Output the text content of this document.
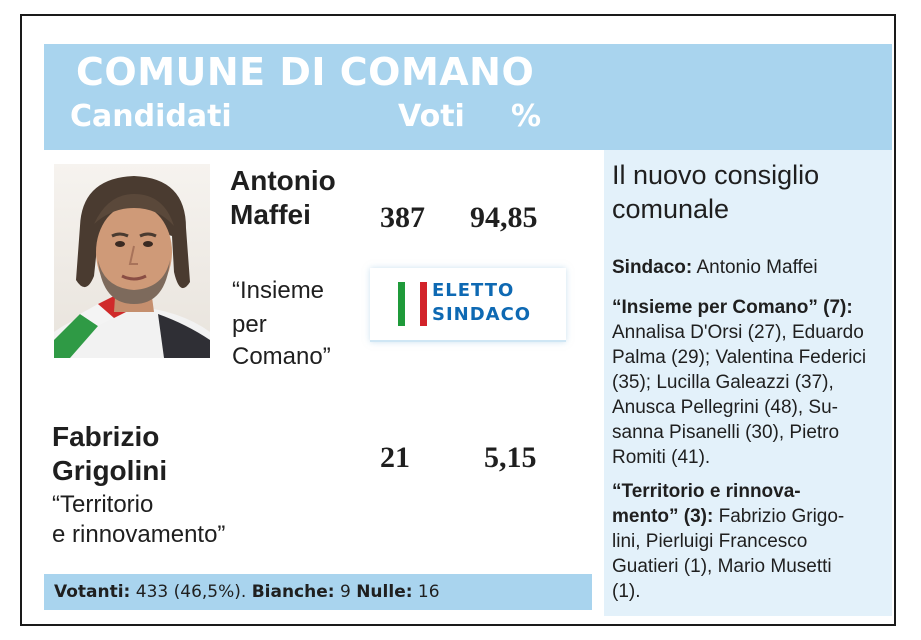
COMUNE DI COMANO
Candidati	Voti %
Antonio
Maffei 387 94,85
“Insieme
per
Comano”
ELETTO
SINDACO
Fabrizio
Grigolini
“Territorio
e rinnovamento”
21 5,15
Votanti: 433 (46,5%). Bianche: 9 Nulle: 16
Il nuovo consiglio
comunale
Sindaco: Antonio Maffei
“Insieme per Comano” (7):
Annalisa D'Orsi (27), Eduardo
Palma (29); Valentina Federici
(35); Lucilla Galeazzi (37),
Anusca Pellegrini (48), Su-
sanna Pisanelli (30), Pietro
Romiti (41).
“Territorio e rinnova-
mento” (3): Fabrizio Grigo-
lini, Pierluigi Francesco
Guatieri (1), Mario Musetti
(1).
